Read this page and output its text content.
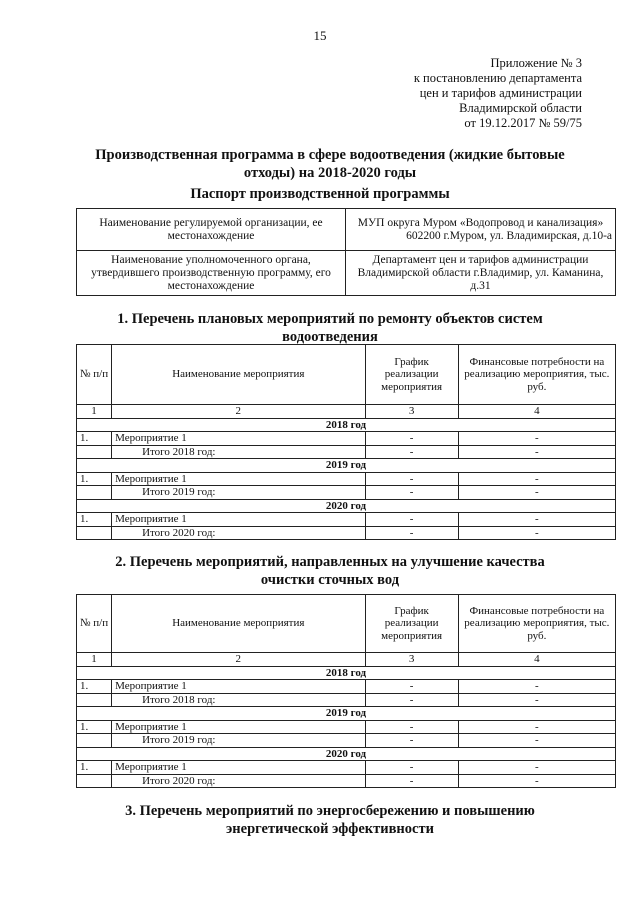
15
Приложение № 3
к постановлению департамента
цен и тарифов администрации
Владимирской области
от 19.12.2017 № 59/75
Производственная программа в сфере водоотведения (жидкие бытовые
отходы) на 2018-2020 годы
Паспорт производственной программы
Наименование регулируемой организации, ее местонахождение	МУП округа Муром «Водопровод и канализация»
602200 г.Муром, ул. Владимирская, д.10-а

Наименование уполномоченного органа, утвердившего производственную программу, его местонахождение	Департамент цен и тарифов администрации Владимирской области г.Владимир, ул. Каманина, д.31
1. Перечень плановых мероприятий по ремонту объектов систем
водоотведения
№ п/п	Наименование мероприятия	График реализации мероприятия	Финансовые потребности на реализацию мероприятия, тыс. руб.
1	2	3	4
2018 год			
1.	Мероприятие 1	-	-
	Итого 2018 год:	-	-
2019 год			
1.	Мероприятие 1	-	-
	Итого 2019 год:	-	-
2020 год			
1.	Мероприятие 1	-	-
	Итого 2020 год:	-	-
2. Перечень мероприятий, направленных на улучшение качества
очистки сточных вод
№ п/п	Наименование мероприятия	График реализации мероприятия	Финансовые потребности на реализацию мероприятия, тыс. руб.
1	2	3	4
2018 год			
1.	Мероприятие 1	-	-
	Итого 2018 год:	-	-
2019 год			
1.	Мероприятие 1	-	-
	Итого 2019 год:	-	-
2020 год			
1.	Мероприятие 1	-	-
	Итого 2020 год:	-	-
3. Перечень мероприятий по энергосбережению и повышению
энергетической эффективности
